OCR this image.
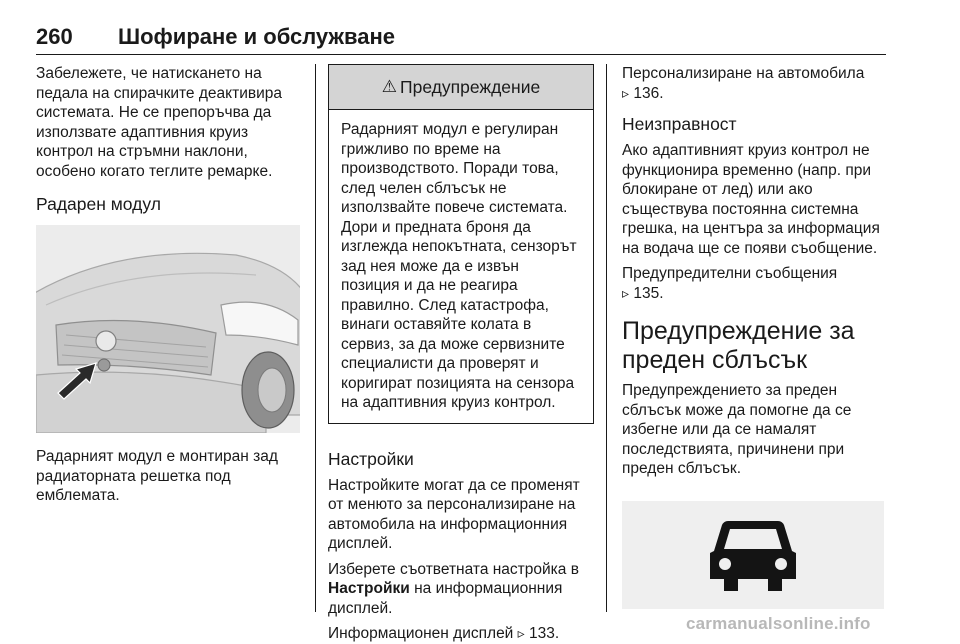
260 Шофиране и обслужване

Забележете, че натискането на педала на спирачките деактивира системата. Не се препоръчва да използвате адаптивния круиз контрол на стръмни наклони, особено когато теглите ремарке.

Радарен модул

Радарният модул е монтиран зад радиаторната решетка под емблемата.

⚠ Предупреждение

Радарният модул е регулиран грижливо по време на производството. Поради това, след челен сблъсък не използвайте повече системата. Дори и предната броня да изглежда непокътната, сензорът зад нея може да е извън позиция и да не реагира правилно. След катастрофа, винаги оставяйте колата в сервиз, за да може сервизните специалисти да проверят и коригират позицията на сензора на адаптивния круиз контрол.

Настройки

Настройките могат да се променят от менюто за персонализиране на автомобила на информационния дисплей.

Изберете съответната настройка в Настройки на информационния дисплей.

Информационен дисплей ▹ 133.

Персонализиране на автомобила
▹ 136.

Неизправност

Ако адаптивният круиз контрол не функционира временно (напр. при блокиране от лед) или ако съществува постоянна системна грешка, на центъра за информация на водача ще се появи съобщение.

Предупредителни съобщения
▹ 135.

Предупреждение за преден сблъсък

Предупреждението за преден сблъсък може да помогне да се избегне или да се намалят последствията, причинени при преден сблъсък.

carmanualsonline.info
